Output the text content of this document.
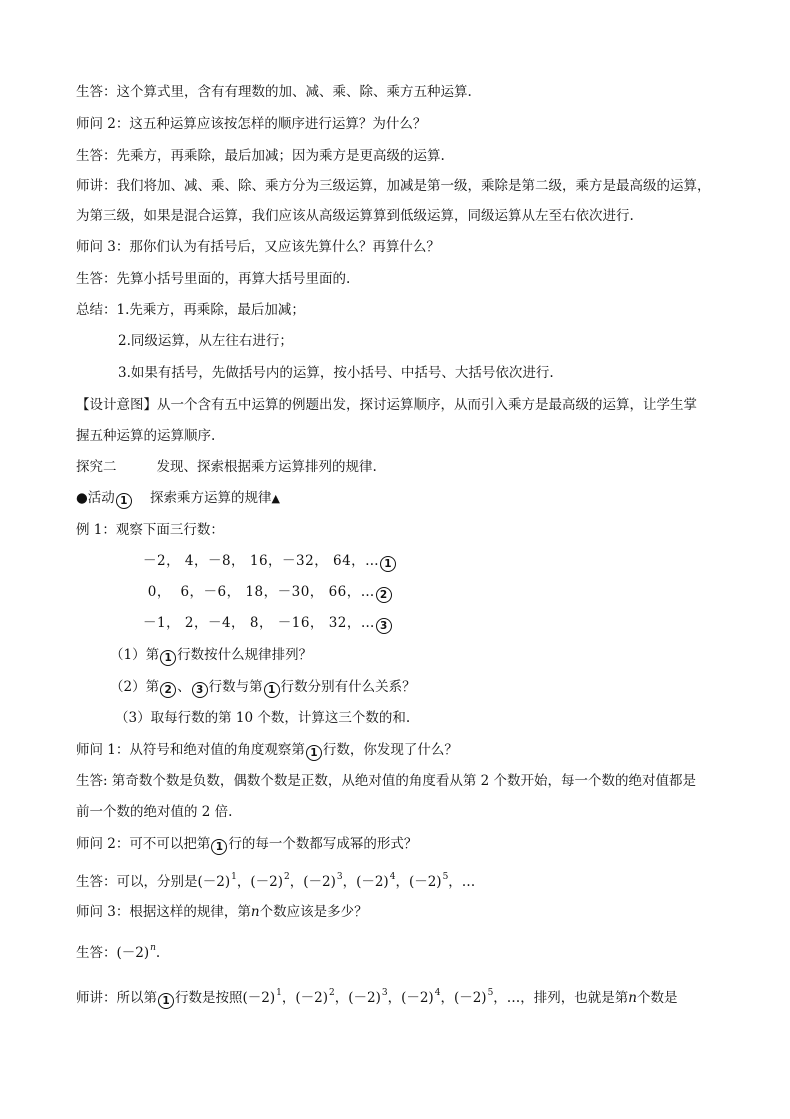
生答：这个算式里，含有有理数的加、减、乘、除、乘方五种运算.
师问 2：这五种运算应该按怎样的顺序进行运算？为什么？
生答：先乘方，再乘除，最后加减；因为乘方是更高级的运算.
师讲：我们将加、减、乘、除、乘方分为三级运算，加减是第一级，乘除是第二级，乘方是最高级的运算，
为第三级，如果是混合运算，我们应该从高级运算算到低级运算，同级运算从左至右依次进行.
师问 3：那你们认为有括号后，又应该先算什么？再算什么？
生答：先算小括号里面的，再算大括号里面的.
总结：1.先乘方，再乘除，最后加减；
2.同级运算，从左往右进行；
3.如果有括号，先做括号内的运算，按小括号、中括号、大括号依次进行.
【设计意图】从一个含有五中运算的例题出发，探讨运算顺序，从而引入乘方是最高级的运算，让学生掌
握五种运算的运算顺序.
探究二	发现、探索根据乘方运算排列的规律.
●活动 1 探索乘方运算的规律▲
例 1：观察下面三行数：
－2， 4，－8， 16，－32， 64，… 1
0，  6，－6， 18，－30， 66，… 2
－1， 2，－4， 8， －16， 32，… 3
（1）第 1 行数按什么规律排列？
（2）第 2 、 3 行数与第 1 行数分别有什么关系？
（3）取每行数的第 10 个数，计算这三个数的和.
师问 1：从符号和绝对值的角度观察第 1 行数，你发现了什么？
生答: 第奇数个数是负数，偶数个数是正数，从绝对值的角度看从第 2 个数开始，每一个数的绝对值都是
前一个数的绝对值的 2 倍.
师问 2：可不可以把第 1 行的每一个数都写成幂的形式？
生答：可以，分别是$(-2)^1$，$(-2)^2$，$(-2)^3$，$(-2)^4$，$(-2)^5$，…
师问 3：根据这样的规律，第n个数应该是多少？
生答：$(-2)^n$.
师讲：所以第 1 行数是按照$(-2)^1$，$(-2)^2$，$(-2)^3$，$(-2)^4$，$(-2)^5$，…，排列，也就是第n个数是
